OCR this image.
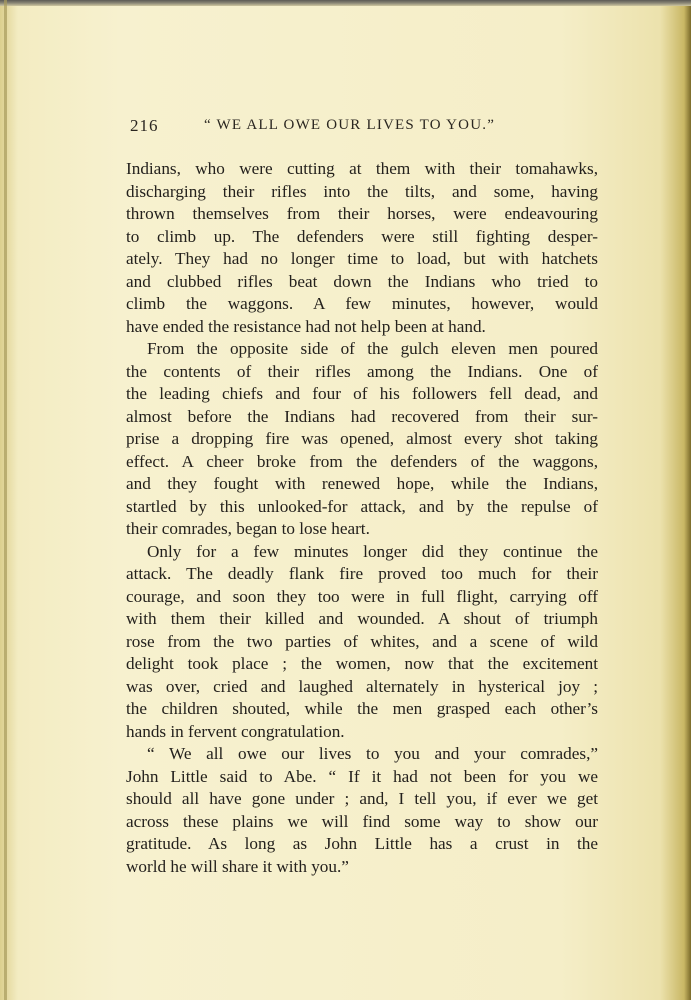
216	“ WE ALL OWE OUR LIVES TO YOU.”
Indians, who were cutting at them with their tomahawks,
discharging their rifles into the tilts, and some, having
thrown themselves from their horses, were endeavouring
to climb up. The defenders were still fighting desper-
ately. They had no longer time to load, but with hatchets
and clubbed rifles beat down the Indians who tried to
climb the waggons. A few minutes, however, would
have ended the resistance had not help been at hand.
From the opposite side of the gulch eleven men poured
the contents of their rifles among the Indians. One of
the leading chiefs and four of his followers fell dead, and
almost before the Indians had recovered from their sur-
prise a dropping fire was opened, almost every shot taking
effect. A cheer broke from the defenders of the waggons,
and they fought with renewed hope, while the Indians,
startled by this unlooked-for attack, and by the repulse of
their comrades, began to lose heart.
Only for a few minutes longer did they continue the
attack. The deadly flank fire proved too much for their
courage, and soon they too were in full flight, carrying off
with them their killed and wounded. A shout of triumph
rose from the two parties of whites, and a scene of wild
delight took place ; the women, now that the excitement
was over, cried and laughed alternately in hysterical joy ;
the children shouted, while the men grasped each other’s
hands in fervent congratulation.
“ We all owe our lives to you and your comrades,”
John Little said to Abe. “ If it had not been for you we
should all have gone under ; and, I tell you, if ever we get
across these plains we will find some way to show our
gratitude. As long as John Little has a crust in the
world he will share it with you.”
